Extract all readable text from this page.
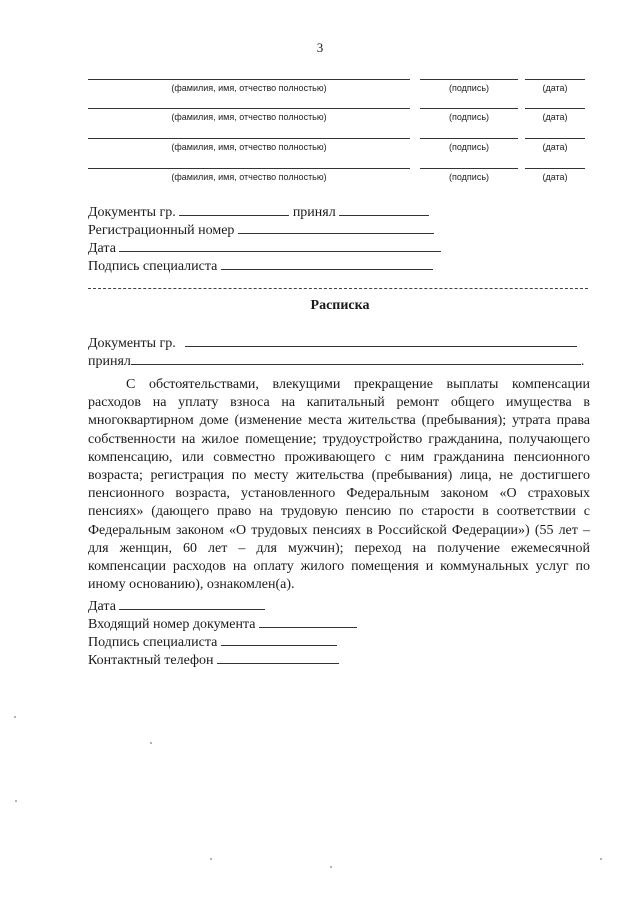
3
(фамилия, имя, отчество полностью)	(подпись)	(дата)
(фамилия, имя, отчество полностью)	(подпись)	(дата)
(фамилия, имя, отчество полностью)	(подпись)	(дата)
(фамилия, имя, отчество полностью)	(подпись)	(дата)
Документы гр.	принял
Регистрационный номер
Дата
Подпись специалиста
Расписка
Документы гр.
принял	.

С обстоятельствами, влекущими прекращение выплаты компенсации расходов на уплату взноса на капитальный ремонт общего имущества в многоквартирном доме (изменение места жительства (пребывания); утрата права собственности на жилое помещение; трудоустройство гражданина, получающего компенсацию, или совместно проживающего с ним гражданина пенсионного возраста; регистрация по месту жительства (пребывания) лица, не достигшего пенсионного возраста, установленного Федеральным законом «О страховых пенсиях» (дающего право на трудовую пенсию по старости в соответствии с Федеральным законом «О трудовых пенсиях в Российской Федерации») (55 лет – для женщин, 60 лет – для мужчин); переход на получение ежемесячной компенсации расходов на оплату жилого помещения и коммунальных услуг по иному основанию), ознакомлен(а).

Дата
Входящий номер документа
Подпись специалиста
Контактный телефон
